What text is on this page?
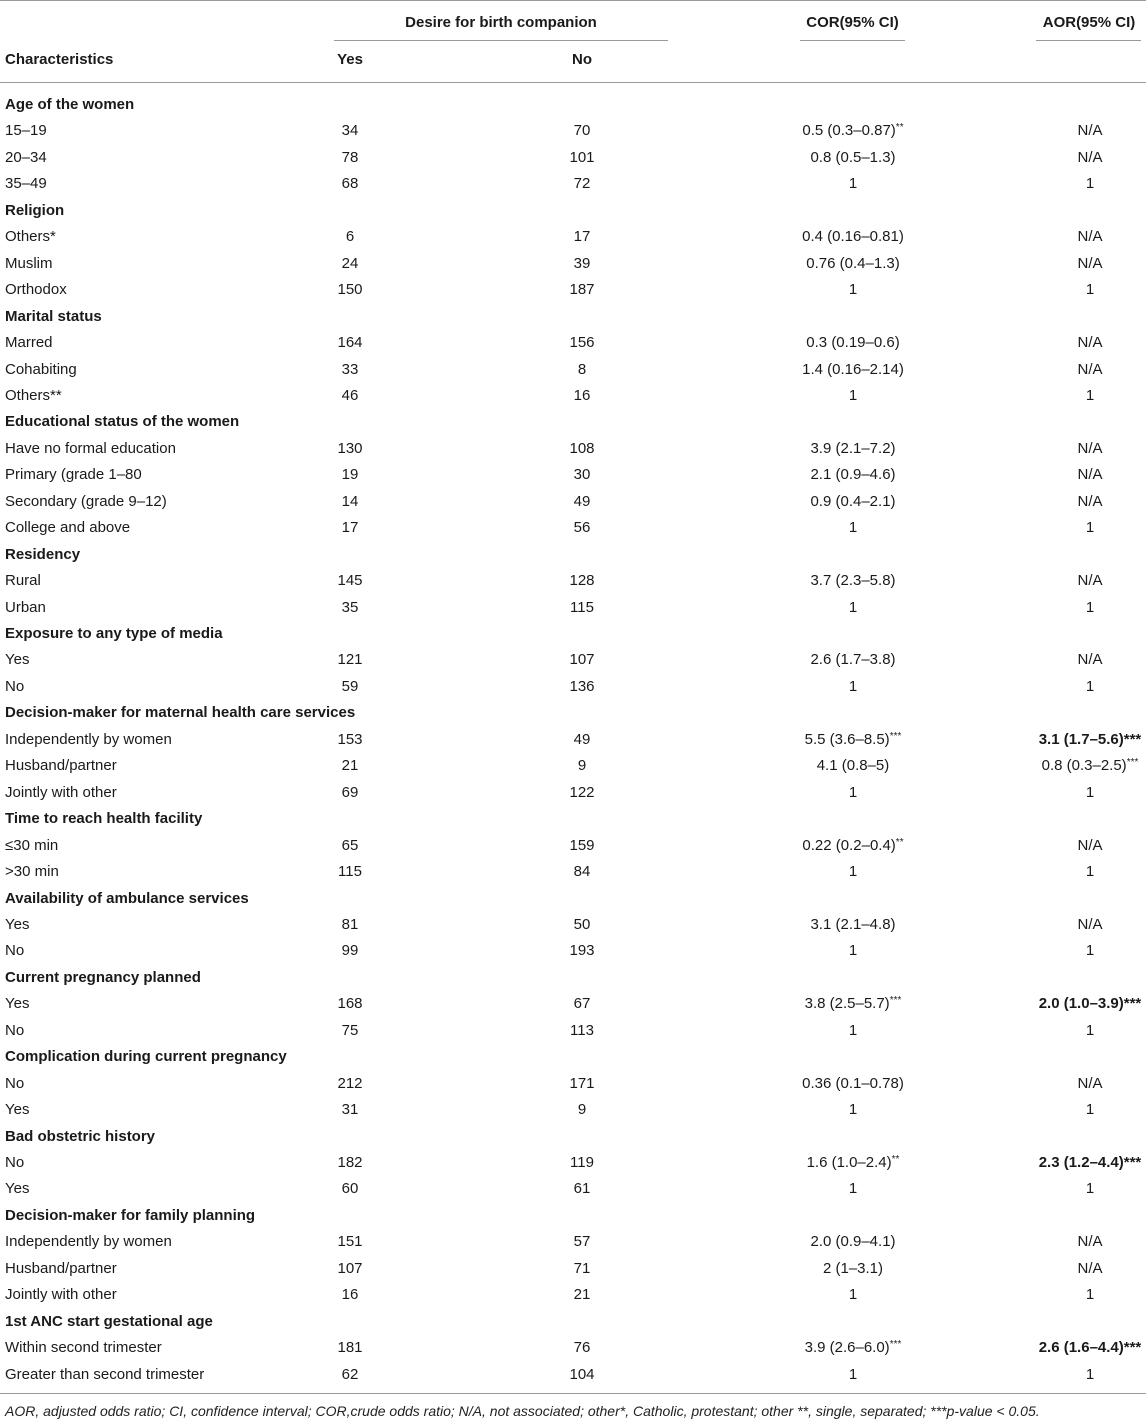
Desire for birth companion	COR(95% CI)	AOR(95% CI)
Characteristics	Yes	No
Age of the women
15–19	34	70	0.5 (0.3–0.87)**	N/A
20–34	78	101	0.8 (0.5–1.3)	N/A
35–49	68	72	1	1
Religion
Others*	6	17	0.4 (0.16–0.81)	N/A
Muslim	24	39	0.76 (0.4–1.3)	N/A
Orthodox	150	187	1	1
Marital status
Marred	164	156	0.3 (0.19–0.6)	N/A
Cohabiting	33	8	1.4 (0.16–2.14)	N/A
Others**	46	16	1	1
Educational status of the women
Have no formal education	130	108	3.9 (2.1–7.2)	N/A
Primary (grade 1–80	19	30	2.1 (0.9–4.6)	N/A
Secondary (grade 9–12)	14	49	0.9 (0.4–2.1)	N/A
College and above	17	56	1	1
Residency
Rural	145	128	3.7 (2.3–5.8)	N/A
Urban	35	115	1	1
Exposure to any type of media
Yes	121	107	2.6 (1.7–3.8)	N/A
No	59	136	1	1
Decision-maker for maternal health care services
Independently by women	153	49	5.5 (3.6–8.5)***	3.1 (1.7–5.6)***
Husband/partner	21	9	4.1 (0.8–5)	0.8 (0.3–2.5)***
Jointly with other	69	122	1	1
Time to reach health facility
≤30 min	65	159	0.22 (0.2–0.4)**	N/A
>30 min	115	84	1	1
Availability of ambulance services
Yes	81	50	3.1 (2.1–4.8)	N/A
No	99	193	1	1
Current pregnancy planned
Yes	168	67	3.8 (2.5–5.7)***	2.0 (1.0–3.9)***
No	75	113	1	1
Complication during current pregnancy
No	212	171	0.36 (0.1–0.78)	N/A
Yes	31	9	1	1
Bad obstetric history
No	182	119	1.6 (1.0–2.4)**	2.3 (1.2–4.4)***
Yes	60	61	1	1
Decision-maker for family planning
Independently by women	151	57	2.0 (0.9–4.1)	N/A
Husband/partner	107	71	2 (1–3.1)	N/A
Jointly with other	16	21	1	1
1st ANC start gestational age
Within second trimester	181	76	3.9 (2.6–6.0)***	2.6 (1.6–4.4)***
Greater than second trimester	62	104	1	1
AOR, adjusted odds ratio; CI, confidence interval; COR,crude odds ratio; N/A, not associated; other*, Catholic, protestant; other **, single, separated; ***p-value < 0.05.
